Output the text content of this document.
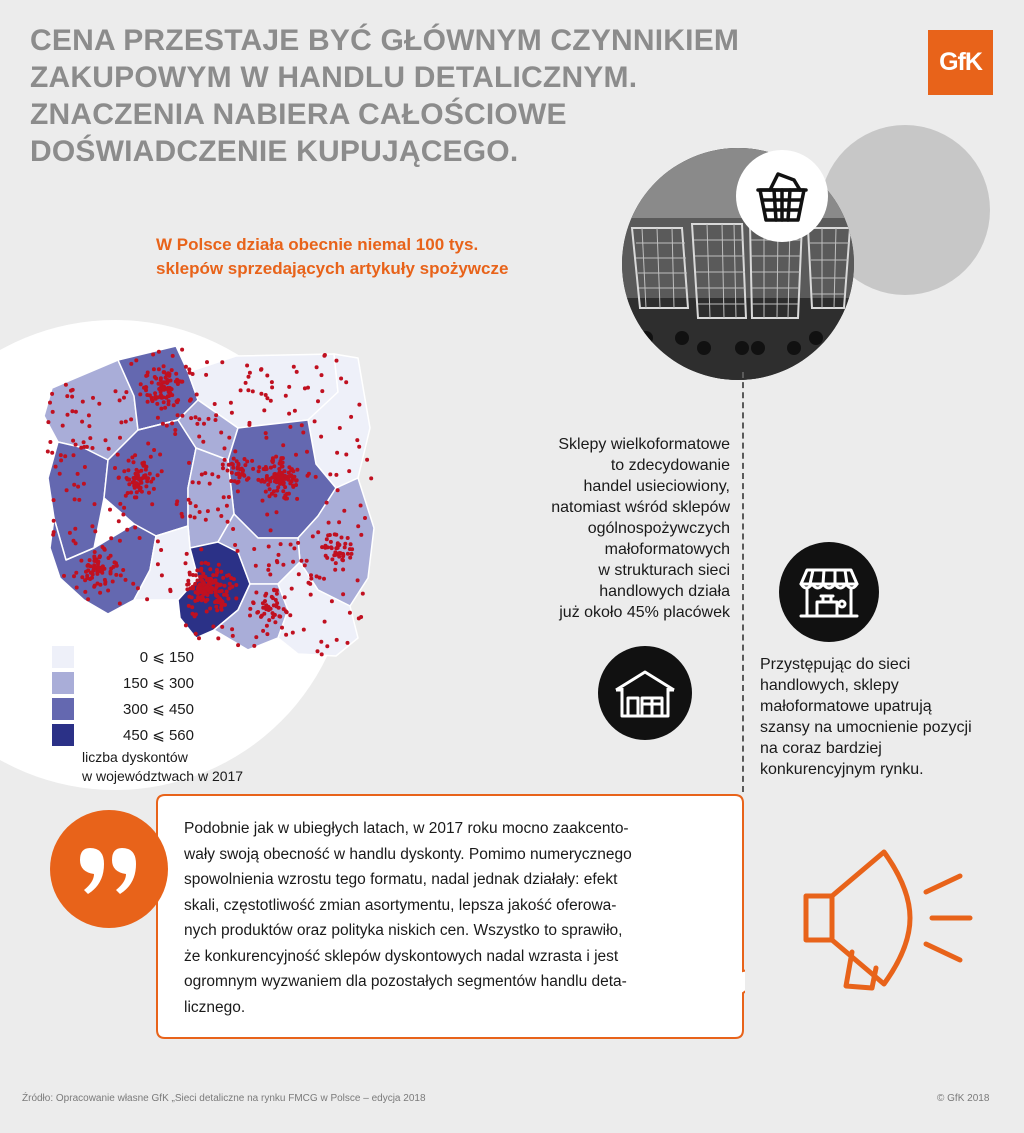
CENA PRZESTAJE BYĆ GŁÓWNYM CZYNNIKIEM
ZAKUPOWYM W HANDLU DETALICZNYM.
ZNACZENIA NABIERA CAŁOŚCIOWE
DOŚWIADCZENIE KUPUJĄCEGO.
GfK
W Polsce działa obecnie niemal 100 tys.
sklepów sprzedających artykuły spożywcze
0 ⩽ 150
150 ⩽ 300
300 ⩽ 450
450 ⩽ 560
liczba dyskontów
w województwach w 2017
Sklepy wielkoformatowe
to zdecydowanie
handel usieciowiony,
natomiast wśród sklepów
ogólnospożywczych
małoformatowych
w strukturach sieci
handlowych działa
już około 45% placówek
Przystępując do sieci
handlowych, sklepy
małoformatowe upatrują
szansy na umocnienie pozycji
na coraz bardziej
konkurencyjnym rynku.

Podobnie jak w ubiegłych latach, w 2017 roku mocno zaakcento-
wały swoją obecność w handlu dyskonty. Pomimo numerycznego
spowolnienia wzrostu tego formatu, nadal jednak działały: efekt
skali, częstotliwość zmian asortymentu, lepsza jakość oferowa-
nych produktów oraz polityka niskich cen. Wszystko to sprawiło,
że konkurencyjność sklepów dyskontowych nadal wzrasta i jest
ogromnym wyzwaniem dla pozostałych segmentów handlu deta-
licznego.

Źródło: Opracowanie własne GfK „Sieci detaliczne na rynku FMCG w Polsce – edycja 2018	© GfK 2018
